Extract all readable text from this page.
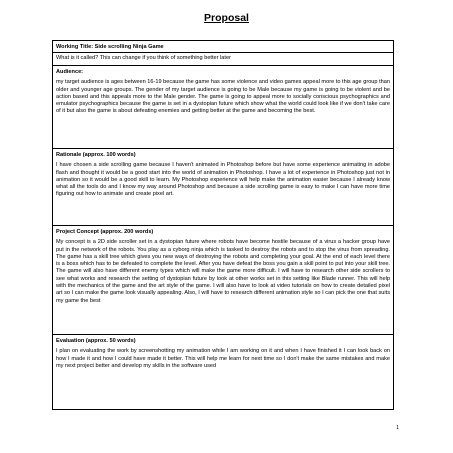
Proposal
Working Title: Side scrolling Ninja Game
What is it called? This can change if you think of something better later
Audience:
my target audience is ages between 16-19 because the game has some violence and video games appeal more to this age group than older and younger age groups. The gender of my target audience is going to be Male because my game is going to be violent and be action based and this appeals more to the Male gender. The game is going to appeal more to socially conscious psychographics and emulator psychographics because the game is set in a dystopian future which show what the world could look like if we don't take care of it but also the game is about defeating enemies and getting better at the game and becoming the best.
Rationale (approx. 100 words)
I have chosen a side scrolling game because I haven't animated in Photoshop before but have some experience animating in adobe flash and thought it would be a good start into the world of animation in Photoshop. I have a lot of experience in Photoshop just not in animation so it would be a good skill to learn. My Photoshop experience will help make the animation easier because I already know what all the tools do and I know my way around Photoshop and because a side scrolling game is easy to make I can have more time figuring out how to animate and create pixel art.
Project Concept (approx. 200 words)
My concept is a 2D side scroller set in a dystopian future where robots have become hostile because of a virus a hacker group have put in the network of the robots. You play as a cyborg ninja which is tasked to destroy the robots and to stop the virus from spreading. The game has a skill tree which gives you new ways of destroying the robots and completing your goal. At the end of each level there is a boss which has to be defeated to complete the level. After you have defeat the boss you gain a skill point to put into your skill tree. The game will also have different enemy types which will make the game more difficult. I will have to research other side scrollers to see what works and research the setting of dystopian future by look at other works set in this setting like Blade runner. This will help with the mechanics of the game and the art style of the game. I will also have to look at video tutorials on how to create detailed pixel art so I can make the game look visually appealing. Also, I will have to research different animation style so I can pick the one that suits my game the best
Evaluation (approx. 50 words)
I plan on evaluating the work by screenshotting my animation while I am working on it and when I have finished it I can look back on how I made it and how I could have made it better. This will help me learn for next time so I don't make the same mistakes and make my next project better and develop my skills in the software used
1
